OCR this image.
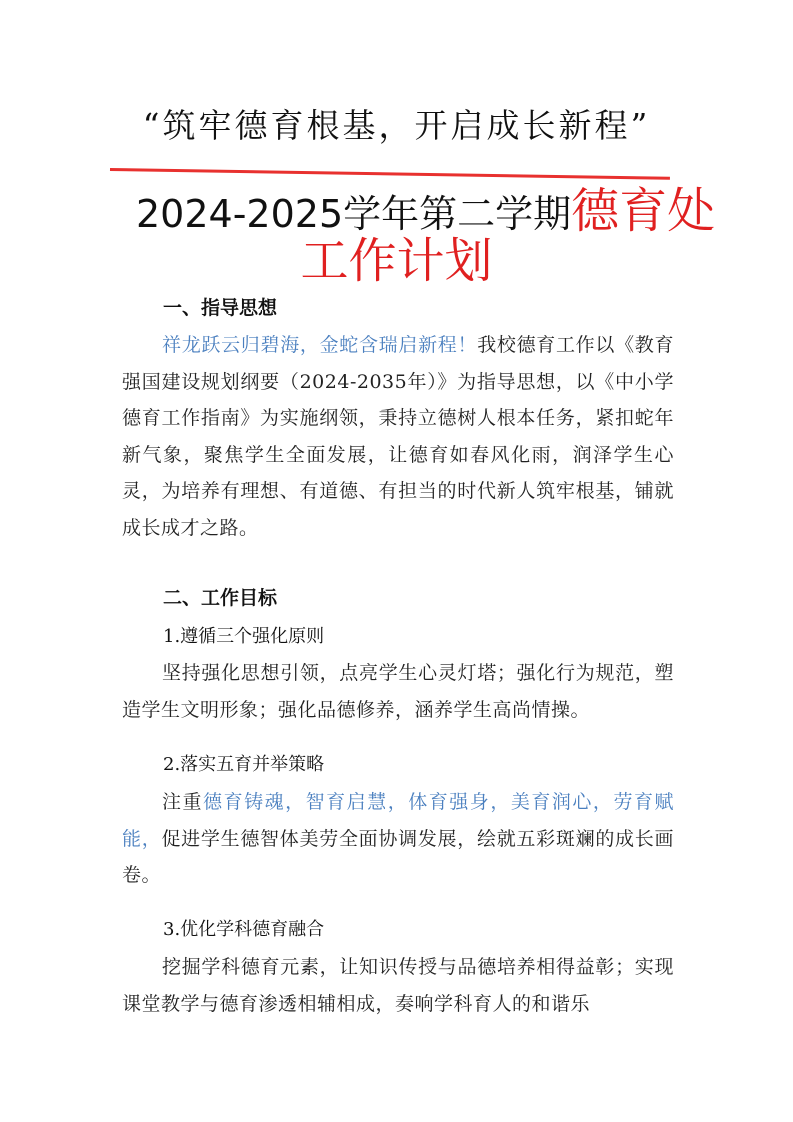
“筑牢德育根基，开启成长新程”
2024-2025学年第二学期德育处
工作计划
一、指导思想
祥龙跃云归碧海，金蛇含瑞启新程！我校德育工作以《教育强国建设规划纲要（2024-2035年）》为指导思想，以《中小学德育工作指南》为实施纲领，秉持立德树人根本任务，紧扣蛇年新气象，聚焦学生全面发展，让德育如春风化雨，润泽学生心灵，为培养有理想、有道德、有担当的时代新人筑牢根基，铺就成长成才之路。
二、工作目标
1.遵循三个强化原则
坚持强化思想引领，点亮学生心灵灯塔；强化行为规范，塑造学生文明形象；强化品德修养，涵养学生高尚情操。
2.落实五育并举策略
注重德育铸魂，智育启慧，体育强身，美育润心，劳育赋能，促进学生德智体美劳全面协调发展，绘就五彩斑斓的成长画卷。
3.优化学科德育融合
挖掘学科德育元素，让知识传授与品德培养相得益彰；实现课堂教学与德育渗透相辅相成，奏响学科育人的和谐乐
